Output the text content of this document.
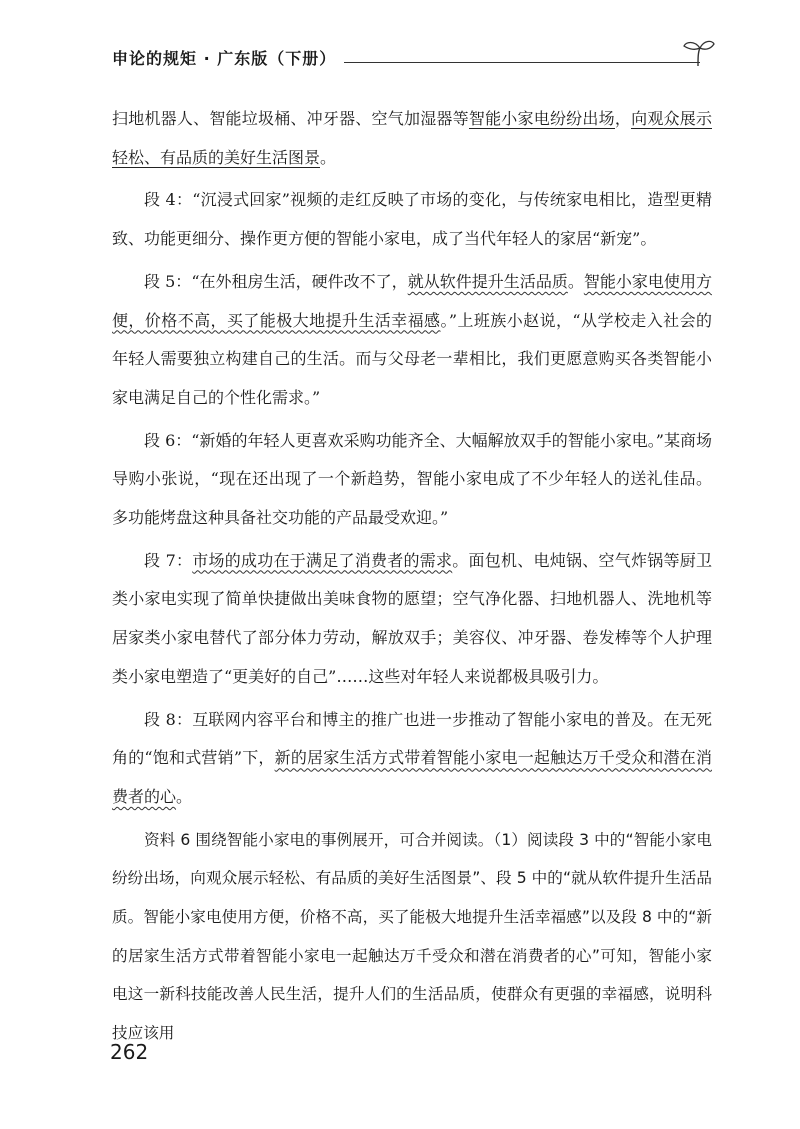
申论的规矩 · 广东版（下册）

扫地机器人、智能垃圾桶、冲牙器、空气加湿器等智能小家电纷纷出场，向观众展示轻松、有品质的美好生活图景。

段 4：“沉浸式回家”视频的走红反映了市场的变化，与传统家电相比，造型更精致、功能更细分、操作更方便的智能小家电，成了当代年轻人的家居“新宠”。

段 5：“在外租房生活，硬件改不了，就从软件提升生活品质。智能小家电使用方便，价格不高，买了能极大地提升生活幸福感。”上班族小赵说，“从学校走入社会的年轻人需要独立构建自己的生活。而与父母老一辈相比，我们更愿意购买各类智能小家电满足自己的个性化需求。”

段 6：“新婚的年轻人更喜欢采购功能齐全、大幅解放双手的智能小家电。”某商场导购小张说，“现在还出现了一个新趋势，智能小家电成了不少年轻人的送礼佳品。多功能烤盘这种具备社交功能的产品最受欢迎。”

段 7：市场的成功在于满足了消费者的需求。面包机、电炖锅、空气炸锅等厨卫类小家电实现了简单快捷做出美味食物的愿望；空气净化器、扫地机器人、洗地机等居家类小家电替代了部分体力劳动，解放双手；美容仪、冲牙器、卷发棒等个人护理类小家电塑造了“更美好的自己”……这些对年轻人来说都极具吸引力。

段 8：互联网内容平台和博主的推广也进一步推动了智能小家电的普及。在无死角的“饱和式营销”下，新的居家生活方式带着智能小家电一起触达万千受众和潜在消费者的心。

资料 6 围绕智能小家电的事例展开，可合并阅读。（1）阅读段 3 中的“智能小家电纷纷出场，向观众展示轻松、有品质的美好生活图景”、段 5 中的“就从软件提升生活品质。智能小家电使用方便，价格不高，买了能极大地提升生活幸福感”以及段 8 中的“新的居家生活方式带着智能小家电一起触达万千受众和潜在消费者的心”可知，智能小家电这一新科技能改善人民生活，提升人们的生活品质，使群众有更强的幸福感，说明科技应该用

262
